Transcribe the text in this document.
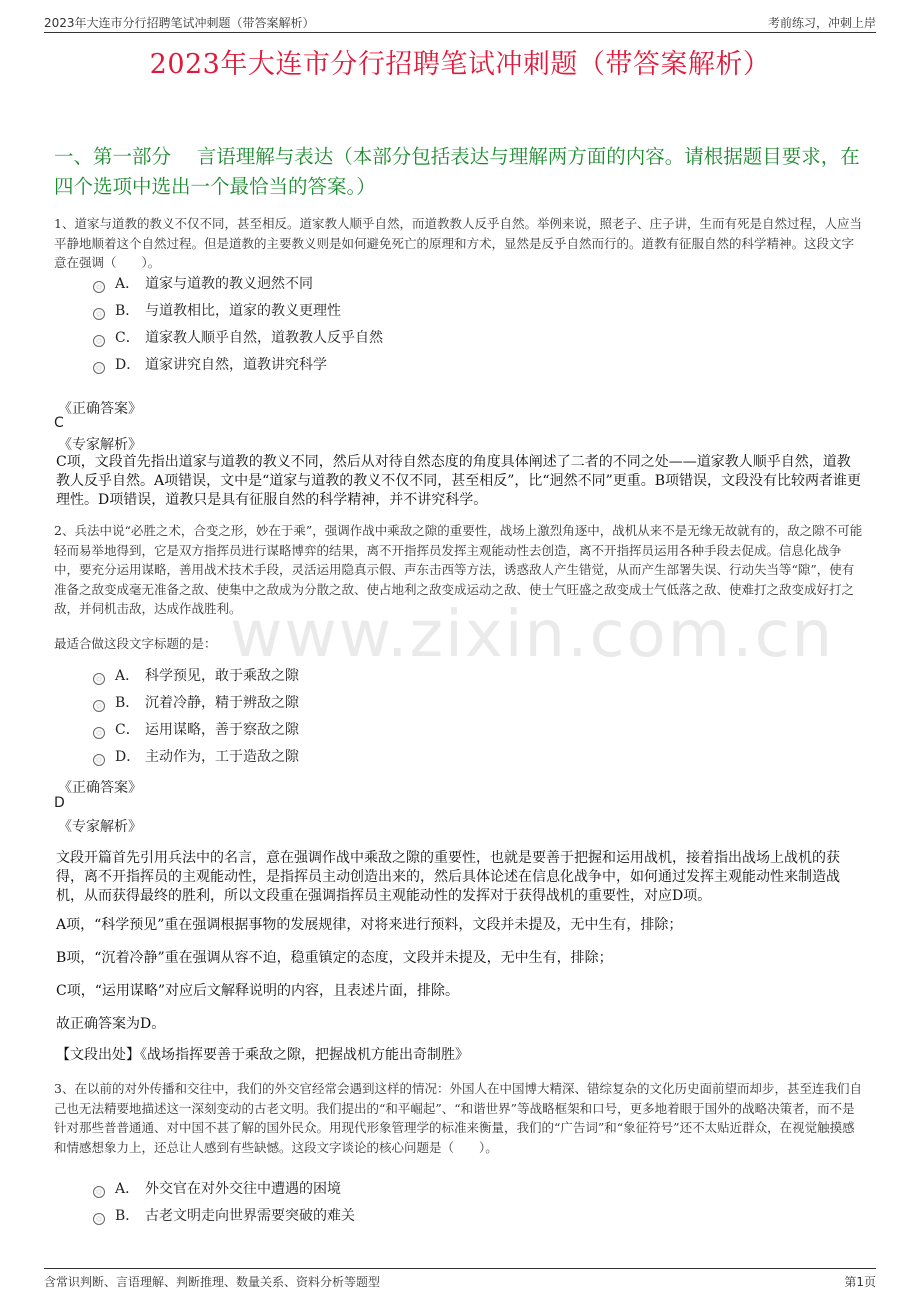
2023年大连市分行招聘笔试冲刺题（带答案解析）	考前练习，冲刺上岸
2023年大连市分行招聘笔试冲刺题（带答案解析）
一、第一部分　 言语理解与表达（本部分包括表达与理解两方面的内容。请根据题目要求，在四个选项中选出一个最恰当的答案。）
www.zixin.com.cn
1、道家与道教的教义不仅不同，甚至相反。道家教人顺乎自然，而道教教人反乎自然。举例来说，照老子、庄子讲，生而有死是自然过程，人应当平静地顺着这个自然过程。但是道教的主要教义则是如何避免死亡的原理和方术，显然是反乎自然而行的。道教有征服自然的科学精神。这段文字意在强调（　　）。
A． 道家与道教的教义迥然不同
B． 与道教相比，道家的教义更理性
C． 道家教人顺乎自然，道教教人反乎自然
D． 道家讲究自然，道教讲究科学
《正确答案》
C
《专家解析》
C项，文段首先指出道家与道教的教义不同，然后从对待自然态度的角度具体阐述了二者的不同之处——道家教人顺乎自然，道教教人反乎自然。A项错误，文中是“道家与道教的教义不仅不同，甚至相反”，比“迥然不同”更重。B项错误，文段没有比较两者谁更理性。D项错误，道教只是具有征服自然的科学精神，并不讲究科学。
2、兵法中说“必胜之术，合变之形，妙在于乘”，强调作战中乘敌之隙的重要性，战场上激烈角逐中，战机从来不是无缘无故就有的，敌之隙不可能轻而易举地得到，它是双方指挥员进行谋略博弈的结果，离不开指挥员发挥主观能动性去创造，离不开指挥员运用各种手段去促成。信息化战争中，要充分运用谋略，善用战术技术手段，灵活运用隐真示假、声东击西等方法，诱惑敌人产生错觉，从而产生部署失误、行动失当等“隙”，使有准备之敌变成毫无准备之敌、使集中之敌成为分散之敌、使占地利之敌变成运动之敌、使士气旺盛之敌变成士气低落之敌、使难打之敌变成好打之敌，并伺机击敌，达成作战胜利。
最适合做这段文字标题的是：
A． 科学预见，敢于乘敌之隙
B． 沉着冷静，精于辨敌之隙
C． 运用谋略，善于察敌之隙
D． 主动作为，工于造敌之隙
《正确答案》
D
《专家解析》
文段开篇首先引用兵法中的名言，意在强调作战中乘敌之隙的重要性，也就是要善于把握和运用战机，接着指出战场上战机的获得，离不开指挥员的主观能动性，是指挥员主动创造出来的，然后具体论述在信息化战争中，如何通过发挥主观能动性来制造战机，从而获得最终的胜利，所以文段重在强调指挥员主观能动性的发挥对于获得战机的重要性，对应D项。
A项，“科学预见”重在强调根据事物的发展规律，对将来进行预料，文段并未提及，无中生有，排除；
B项，“沉着冷静”重在强调从容不迫，稳重镇定的态度，文段并未提及，无中生有，排除；
C项，“运用谋略”对应后文解释说明的内容，且表述片面，排除。
故正确答案为D。
【文段出处】《战场指挥要善于乘敌之隙，把握战机方能出奇制胜》
3、在以前的对外传播和交往中，我们的外交官经常会遇到这样的情况：外国人在中国博大精深、错综复杂的文化历史面前望而却步，甚至连我们自己也无法精要地描述这一深刻变动的古老文明。我们提出的“和平崛起”、“和谐世界”等战略框架和口号，更多地着眼于国外的战略决策者，而不是针对那些普普通通、对中国不甚了解的国外民众。用现代形象管理学的标准来衡量，我们的“广告词”和“象征符号”还不太贴近群众，在视觉触摸感和情感想象力上，还总让人感到有些缺憾。这段文字谈论的核心问题是（　　）。
A． 外交官在对外交往中遭遇的困境
B． 古老文明走向世界需要突破的难关
含常识判断、言语理解、判断推理、数量关系、资料分析等题型	第1页
